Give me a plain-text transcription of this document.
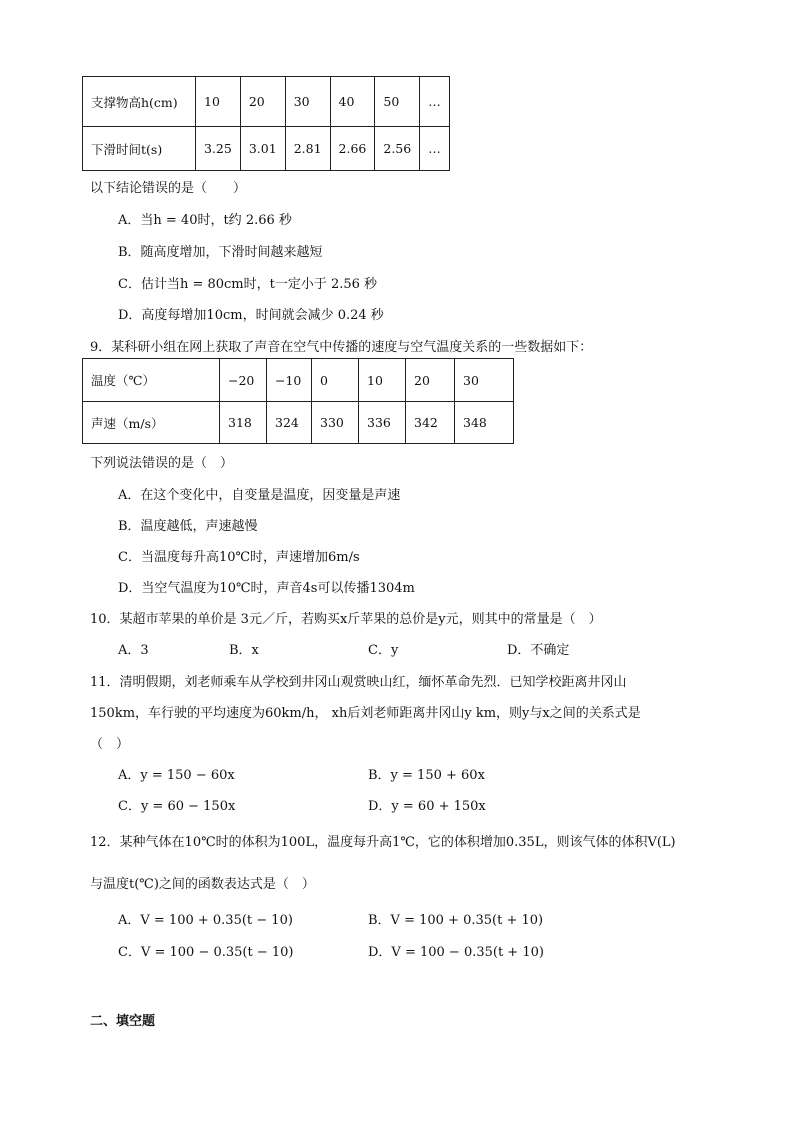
支撑物高h(cm)	10	20	30	40	50	…
下滑时间t(s)	3.25	3.01	2.81	2.66	2.56	…
以下结论错误的是（　　）
A．当h = 40时，t约 2.66 秒
B．随高度增加，下滑时间越来越短
C．估计当h = 80cm时，t一定小于 2.56 秒
D．高度每增加10cm，时间就会减少 0.24 秒
9．某科研小组在网上获取了声音在空气中传播的速度与空气温度关系的一些数据如下：
温度（℃）	−20	−10	0	10	20	30
声速（m/s）	318	324	330	336	342	348
下列说法错误的是（　）
A．在这个变化中，自变量是温度，因变量是声速
B．温度越低，声速越慢
C．当温度每升高10℃时，声速增加6m/s
D．当空气温度为10℃时，声音4s可以传播1304m
10．某超市苹果的单价是 3元／斤，若购买x斤苹果的总价是y元，则其中的常量是（　）
A．3	B．x	C．y	D．不确定
11．清明假期，刘老师乘车从学校到井冈山观赏映山红，缅怀革命先烈．已知学校距离井冈山
150km，车行驶的平均速度为60km/h， xh后刘老师距离井冈山y km，则y与x之间的关系式是
（　）
A．y = 150 − 60x	B．y = 150 + 60x
C．y = 60 − 150x	D．y = 60 + 150x
12．某种气体在10℃时的体积为100L，温度每升高1℃，它的体积增加0.35L，则该气体的体积V(L)
与温度t(℃)之间的函数表达式是（　）
A．V = 100 + 0.35(t − 10)	B．V = 100 + 0.35(t + 10)
C．V = 100 − 0.35(t − 10)	D．V = 100 − 0.35(t + 10)
二、填空题
